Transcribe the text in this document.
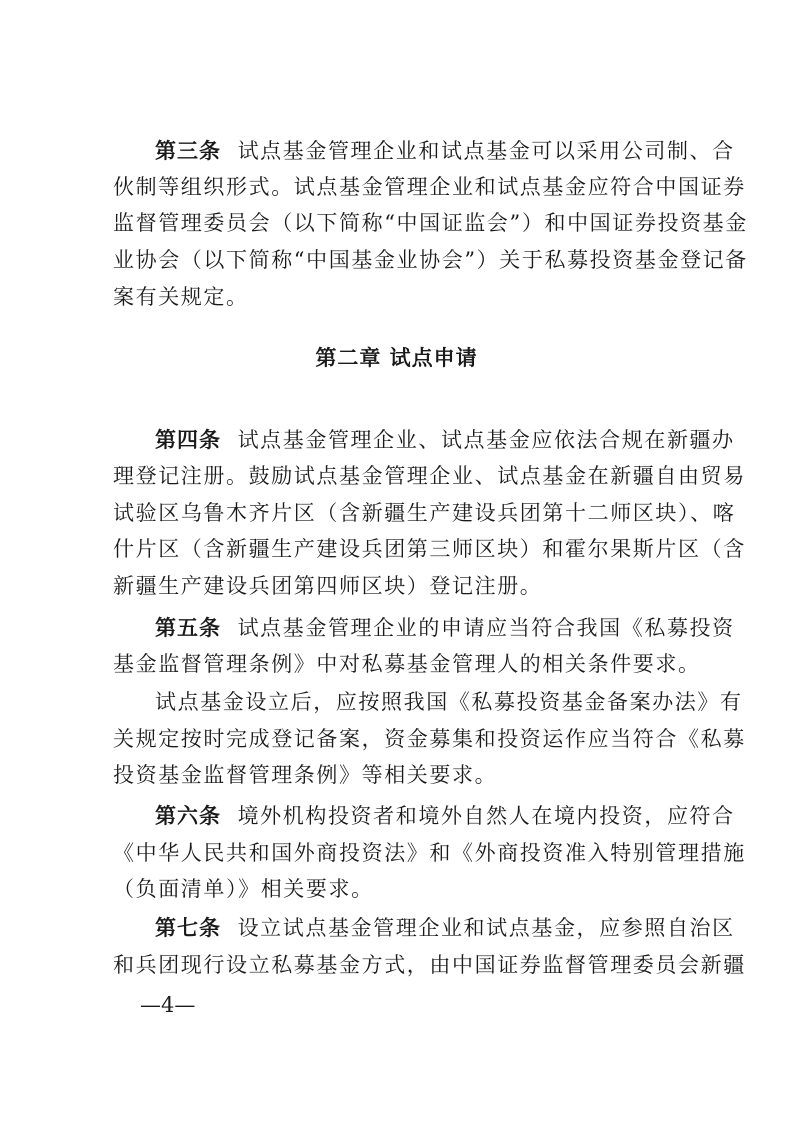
第三条 试点基金管理企业和试点基金可以采用公司制、合
伙制等组织形式。试点基金管理企业和试点基金应符合中国证券
监督管理委员会（以下简称“中国证监会”）和中国证券投资基金
业协会（以下简称“中国基金业协会”）关于私募投资基金登记备
案有关规定。
第二章 试点申请
第四条 试点基金管理企业、试点基金应依法合规在新疆办
理登记注册。鼓励试点基金管理企业、试点基金在新疆自由贸易
试验区乌鲁木齐片区（含新疆生产建设兵团第十二师区块）、喀
什片区（含新疆生产建设兵团第三师区块）和霍尔果斯片区（含
新疆生产建设兵团第四师区块）登记注册。
第五条 试点基金管理企业的申请应当符合我国《私募投资
基金监督管理条例》中对私募基金管理人的相关条件要求。
试点基金设立后，应按照我国《私募投资基金备案办法》有
关规定按时完成登记备案，资金募集和投资运作应当符合《私募
投资基金监督管理条例》等相关要求。
第六条 境外机构投资者和境外自然人在境内投资，应符合
《中华人民共和国外商投资法》和《外商投资准入特别管理措施
（负面清单）》相关要求。
第七条 设立试点基金管理企业和试点基金，应参照自治区
和兵团现行设立私募基金方式，由中国证券监督管理委员会新疆
—4—
